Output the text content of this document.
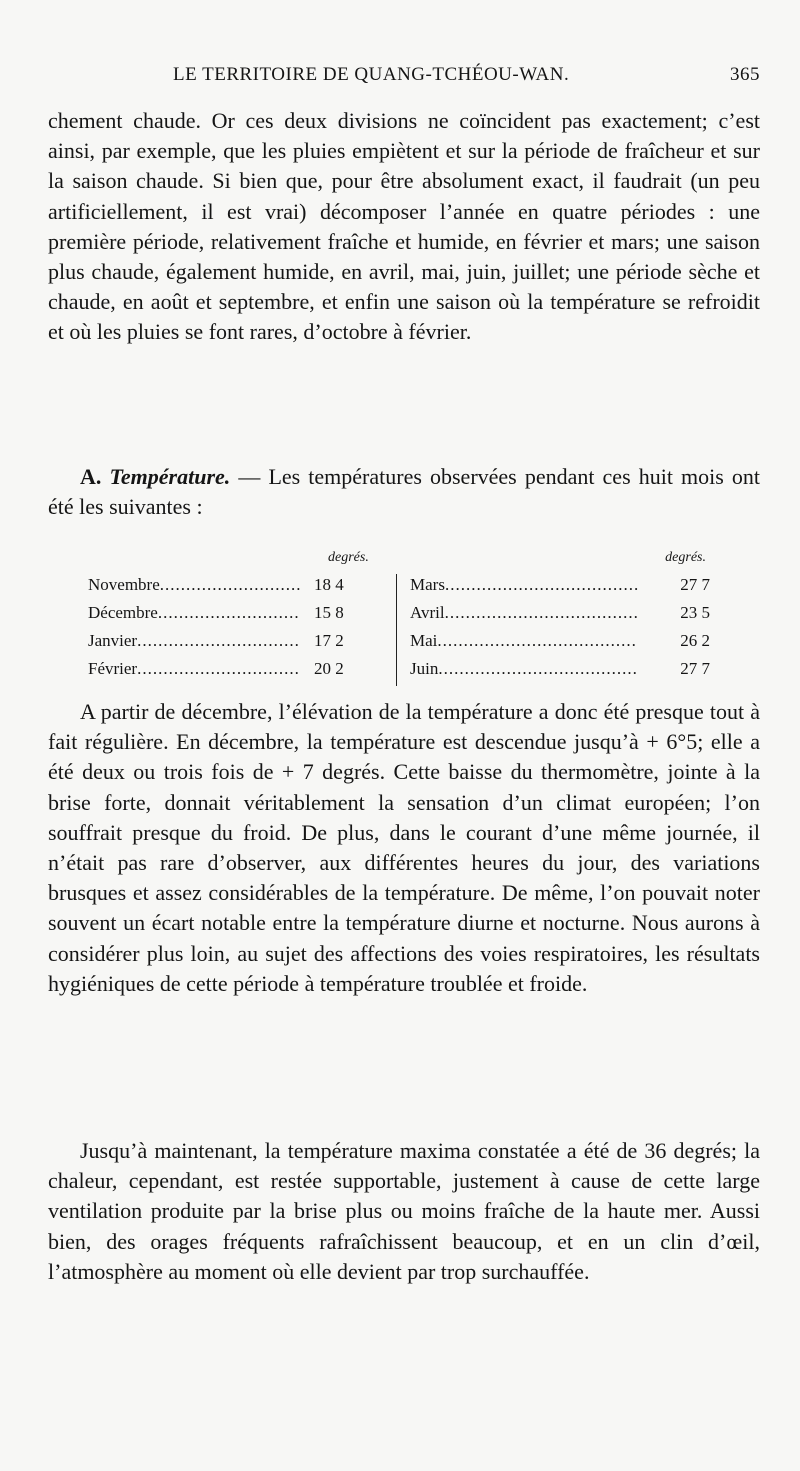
LE TERRITOIRE DE QUANG-TCHÉOU-WAN.	365

chement chaude. Or ces deux divisions ne coïncident pas exactement; c’est ainsi, par exemple, que les pluies empiètent et sur la période de fraîcheur et sur la saison chaude. Si bien que, pour être absolument exact, il faudrait (un peu artificiellement, il est vrai) décomposer l’année en quatre périodes : une première période, relativement fraîche et humide, en février et mars; une saison plus chaude, également humide, en avril, mai, juin, juillet; une période sèche et chaude, en août et septembre, et enfin une saison où la température se refroidit et où les pluies se font rares, d’octobre à février.

A. Température. — Les températures observées pendant ces huit mois ont été les suivantes :

degrés.	degrés.
Novembre .....	18 4
Décembre .....	15 8
Janvier .....	17 2
Février .....	20 2
Mars .....	27 7
Avril .....	23 5
Mai .....	26 2
Juin .....	27 7

A partir de décembre, l’élévation de la température a donc été presque tout à fait régulière. En décembre, la température est descendue jusqu’à + 6°5; elle a été deux ou trois fois de + 7 degrés. Cette baisse du thermomètre, jointe à la brise forte, donnait véritablement la sensation d’un climat européen; l’on souffrait presque du froid. De plus, dans le courant d’une même journée, il n’était pas rare d’observer, aux différentes heures du jour, des variations brusques et assez considérables de la température. De même, l’on pouvait noter souvent un écart notable entre la température diurne et nocturne. Nous aurons à considérer plus loin, au sujet des affections des voies respiratoires, les résultats hygiéniques de cette période à température troublée et froide.

Jusqu’à maintenant, la température maxima constatée a été de 36 degrés; la chaleur, cependant, est restée supportable, justement à cause de cette large ventilation produite par la brise plus ou moins fraîche de la haute mer. Aussi bien, des orages fréquents rafraîchissent beaucoup, et en un clin d’œil, l’atmosphère au moment où elle devient par trop surchauffée.
